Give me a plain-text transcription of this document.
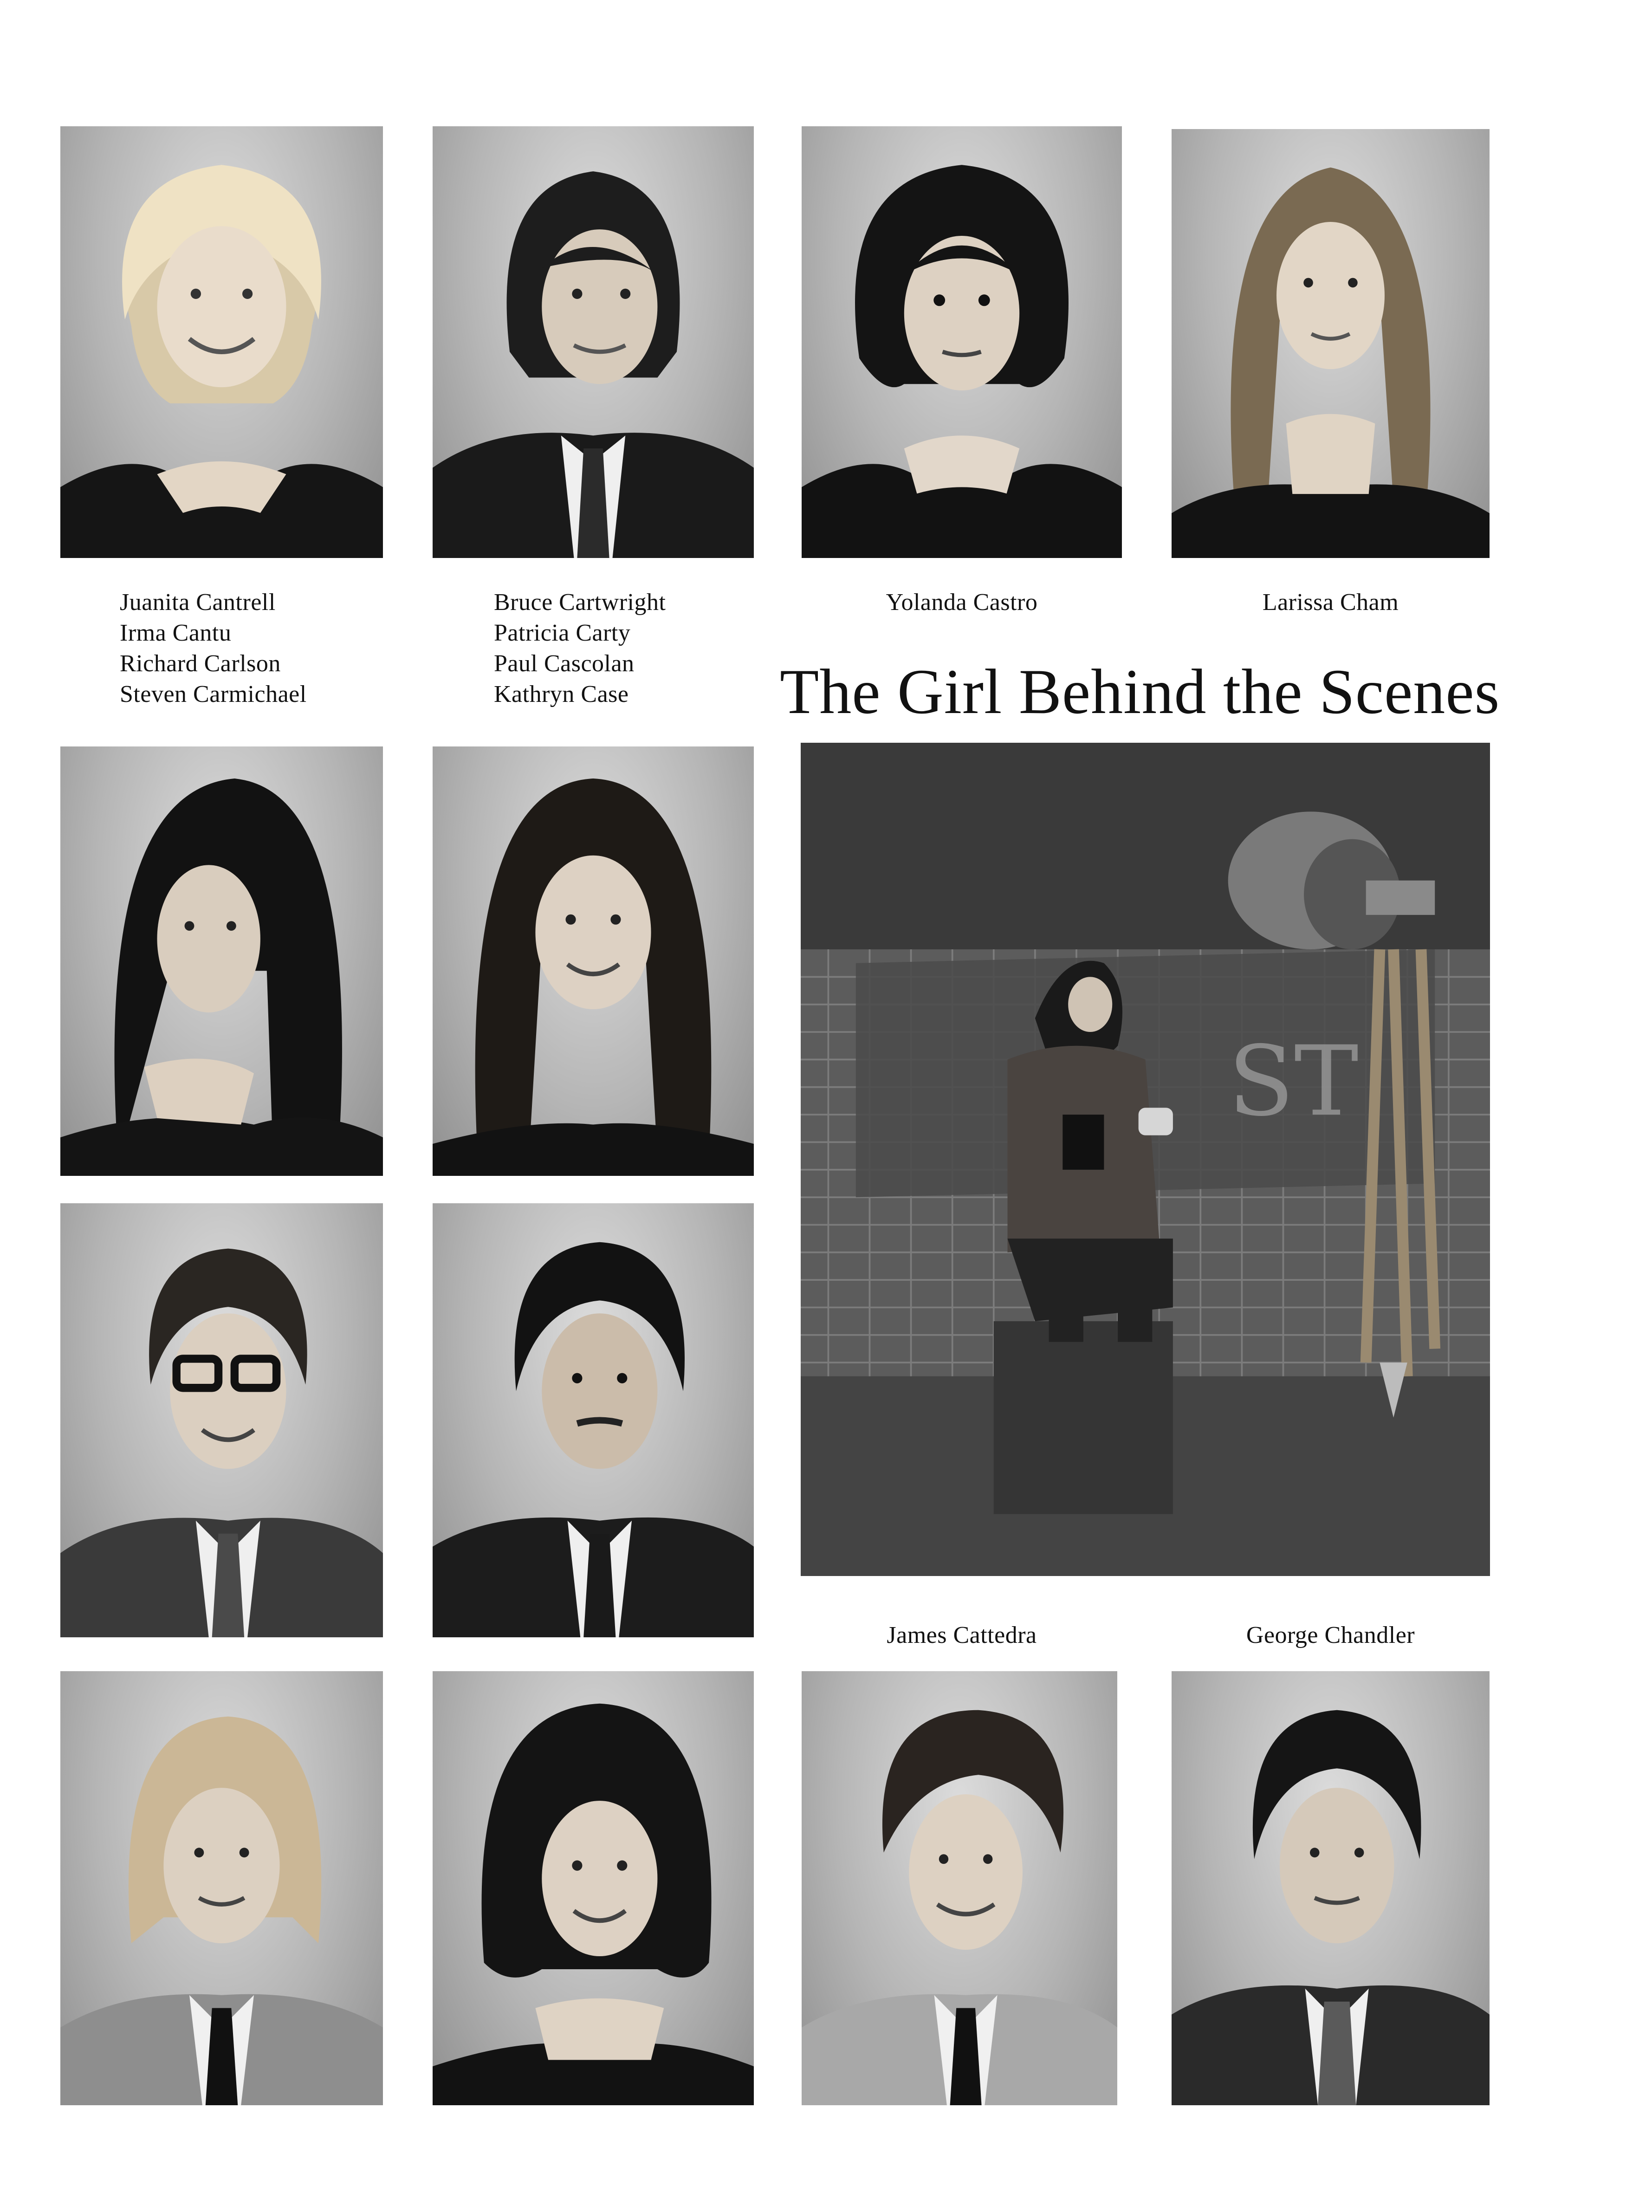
Juanita Cantrell
Irma Cantu
Richard Carlson
Steven Carmichael
Bruce Cartwright
Patricia Carty
Paul Cascolan
Kathryn Case
Yolanda Castro	Larissa Cham
The Girl Behind the Scenes
ST
James Cattedra	George Chandler
